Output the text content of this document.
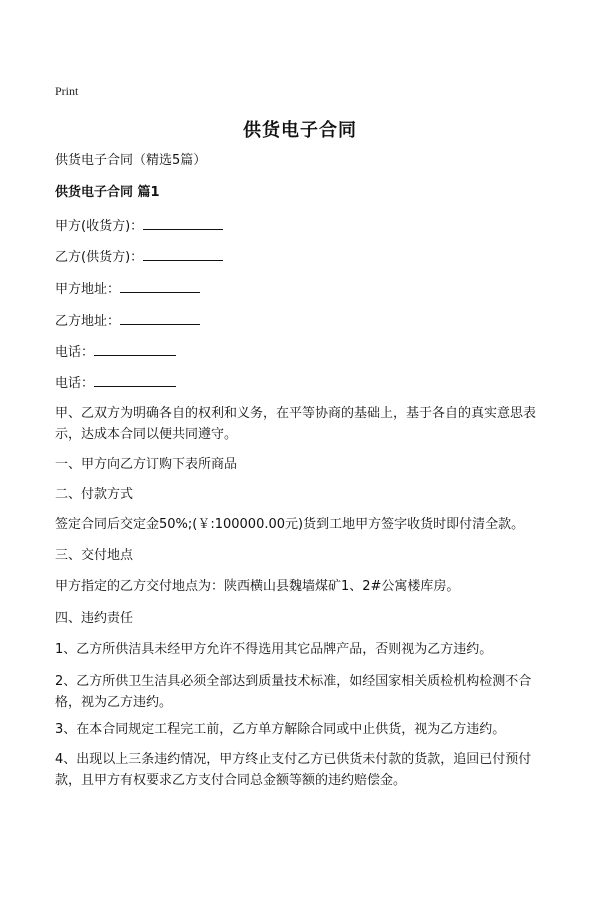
Print
供货电子合同
供货电子合同（精选5篇）
供货电子合同 篇1
甲方(收货方)：
乙方(供货方)：
甲方地址：
乙方地址：
电话：
电话：
甲、乙双方为明确各自的权利和义务，在平等协商的基础上，基于各自的真实意思表示，达成本合同以便共同遵守。
一、甲方向乙方订购下表所商品
二、付款方式
签定合同后交定金50%;(￥:100000.00元)货到工地甲方签字收货时即付清全款。
三、交付地点
甲方指定的乙方交付地点为：陕西横山县魏墙煤矿1、2#公寓楼库房。
四、违约责任
1、乙方所供洁具未经甲方允许不得选用其它品牌产品，否则视为乙方违约。
2、乙方所供卫生洁具必须全部达到质量技术标准，如经国家相关质检机构检测不合格，视为乙方违约。
3、在本合同规定工程完工前，乙方单方解除合同或中止供货，视为乙方违约。
4、出现以上三条违约情况，甲方终止支付乙方已供货未付款的货款，追回已付预付款，且甲方有权要求乙方支付合同总金额等额的违约赔偿金。
